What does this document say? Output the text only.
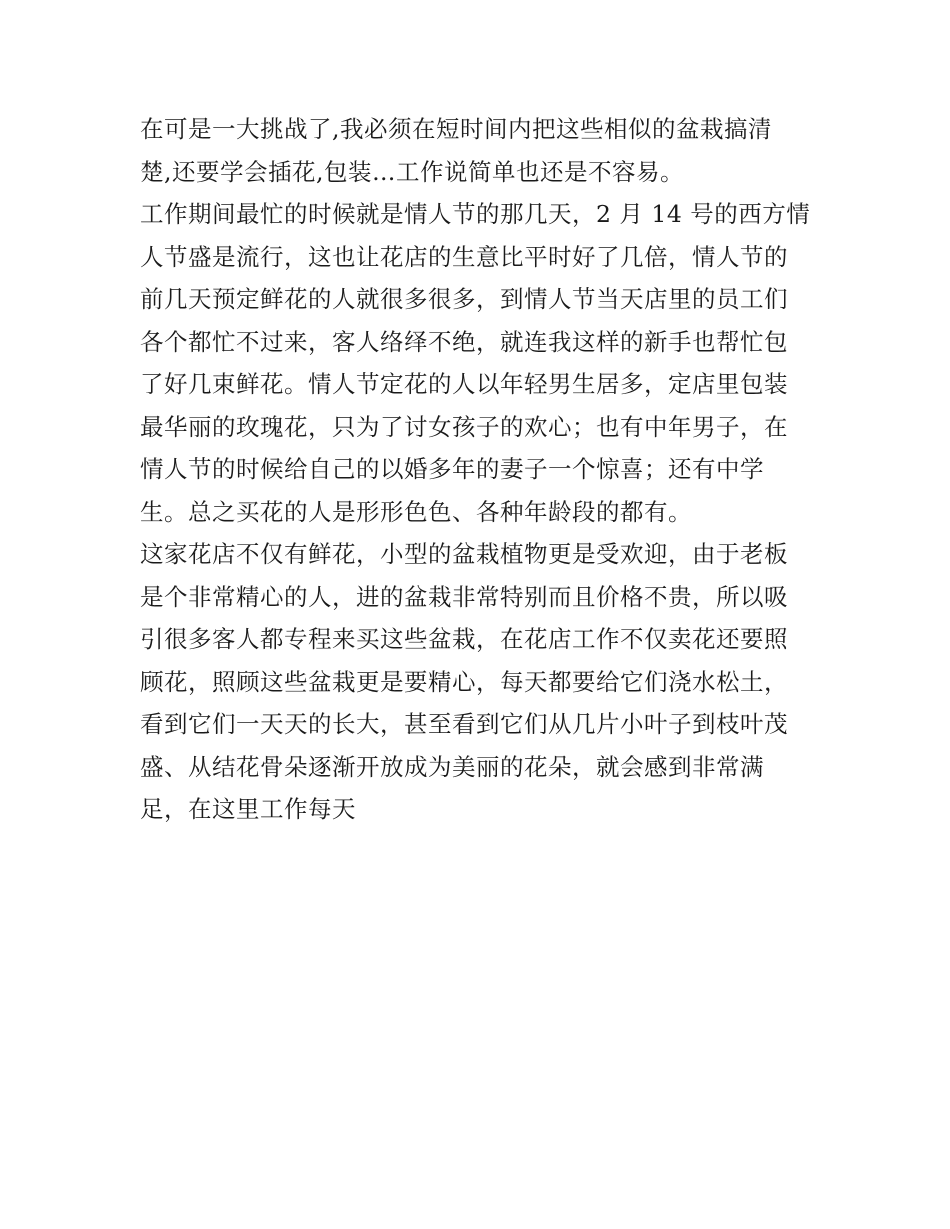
在可是一大挑战了,我必须在短时间内把这些相似的盆栽搞清
楚,还要学会插花,包装…工作说简单也还是不容易。
工作期间最忙的时候就是情人节的那几天，2 月 14 号的西方情
人节盛是流行，这也让花店的生意比平时好了几倍，情人节的
前几天预定鲜花的人就很多很多，到情人节当天店里的员工们
各个都忙不过来，客人络绎不绝，就连我这样的新手也帮忙包
了好几束鲜花。情人节定花的人以年轻男生居多，定店里包装
最华丽的玫瑰花，只为了讨女孩子的欢心；也有中年男子，在
情人节的时候给自己的以婚多年的妻子一个惊喜；还有中学
生。总之买花的人是形形色色、各种年龄段的都有。
这家花店不仅有鲜花，小型的盆栽植物更是受欢迎，由于老板
是个非常精心的人，进的盆栽非常特别而且价格不贵，所以吸
引很多客人都专程来买这些盆栽，在花店工作不仅卖花还要照
顾花，照顾这些盆栽更是要精心，每天都要给它们浇水松土，
看到它们一天天的长大，甚至看到它们从几片小叶子到枝叶茂
盛、从结花骨朵逐渐开放成为美丽的花朵，就会感到非常满
足，在这里工作每天
